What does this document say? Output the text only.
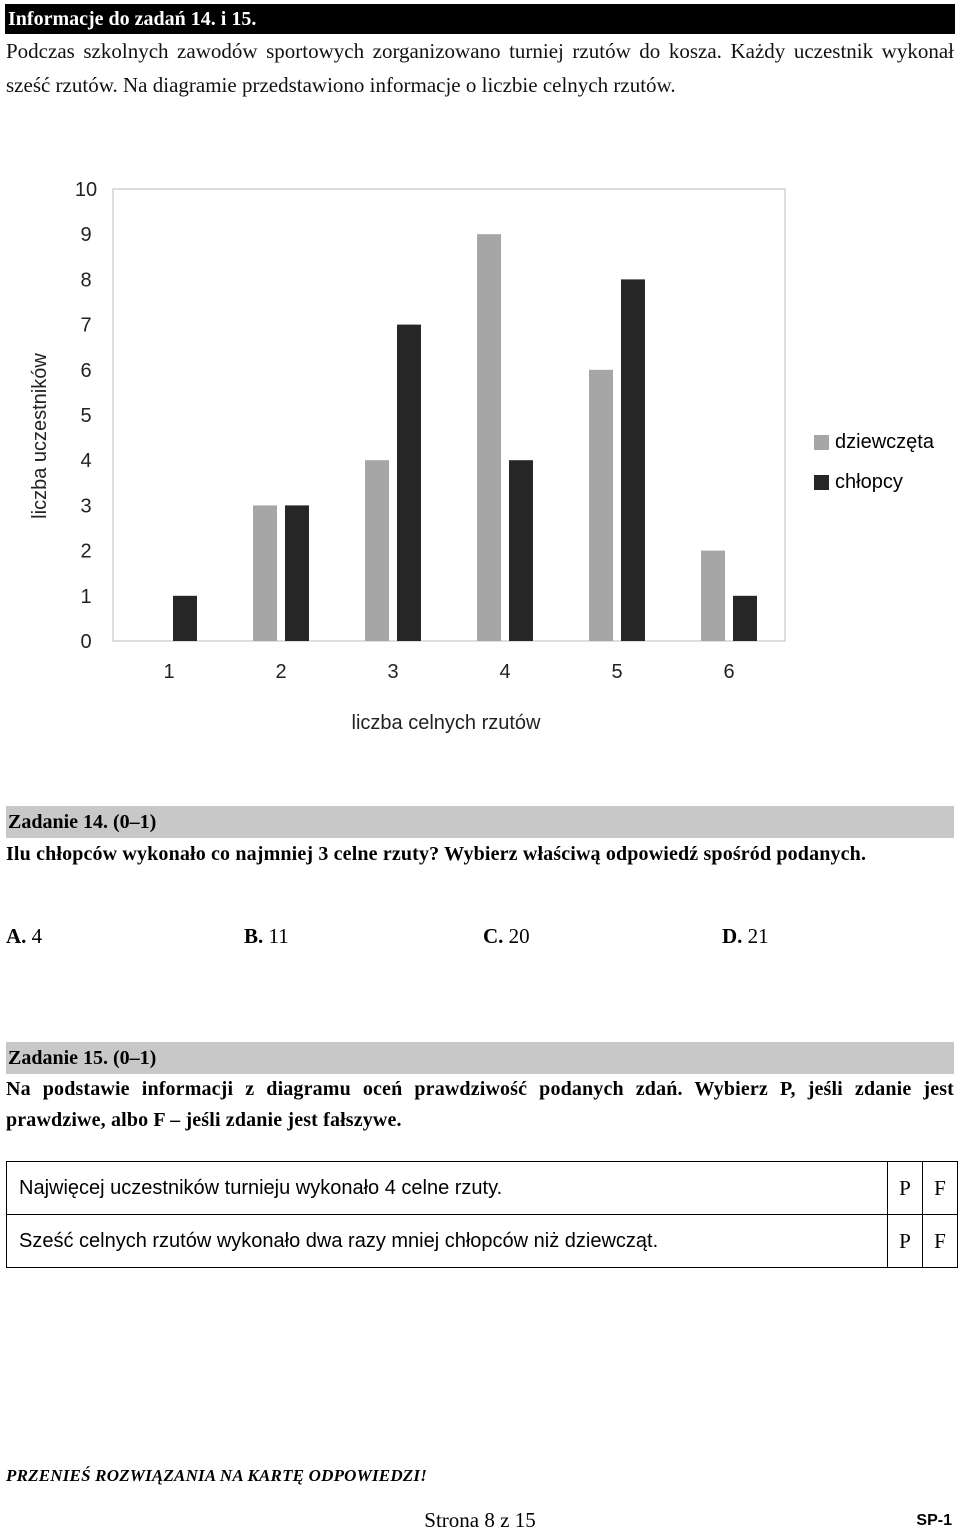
Informacje do zadań 14. i 15.
Podczas szkolnych zawodów sportowych zorganizowano turniej rzutów do kosza. Każdy uczestnik wykonał sześć rzutów. Na diagramie przedstawiono informacje o liczbie celnych rzutów.
liczba uczestników
liczba celnych rzutów
0
1
2
3
4
5
6
7
8
9
10
1	2	3	4	5	6
dziewczęta
chłopcy
Zadanie 14. (0–1)
Ilu chłopców wykonało co najmniej 3 celne rzuty? Wybierz właściwą odpowiedź spośród podanych.
A. 4	B. 11	C. 20	D. 21
Zadanie 15. (0–1)
Na podstawie informacji z diagramu oceń prawdziwość podanych zdań. Wybierz P, jeśli zdanie jest prawdziwe, albo F – jeśli zdanie jest fałszywe.
Najwięcej uczestników turnieju wykonało 4 celne rzuty.	P	F
Sześć celnych rzutów wykonało dwa razy mniej chłopców niż dziewcząt.	P	F
PRZENIEŚ ROZWIĄZANIA NA KARTĘ ODPOWIEDZI!
Strona 8 z 15	SP-1
